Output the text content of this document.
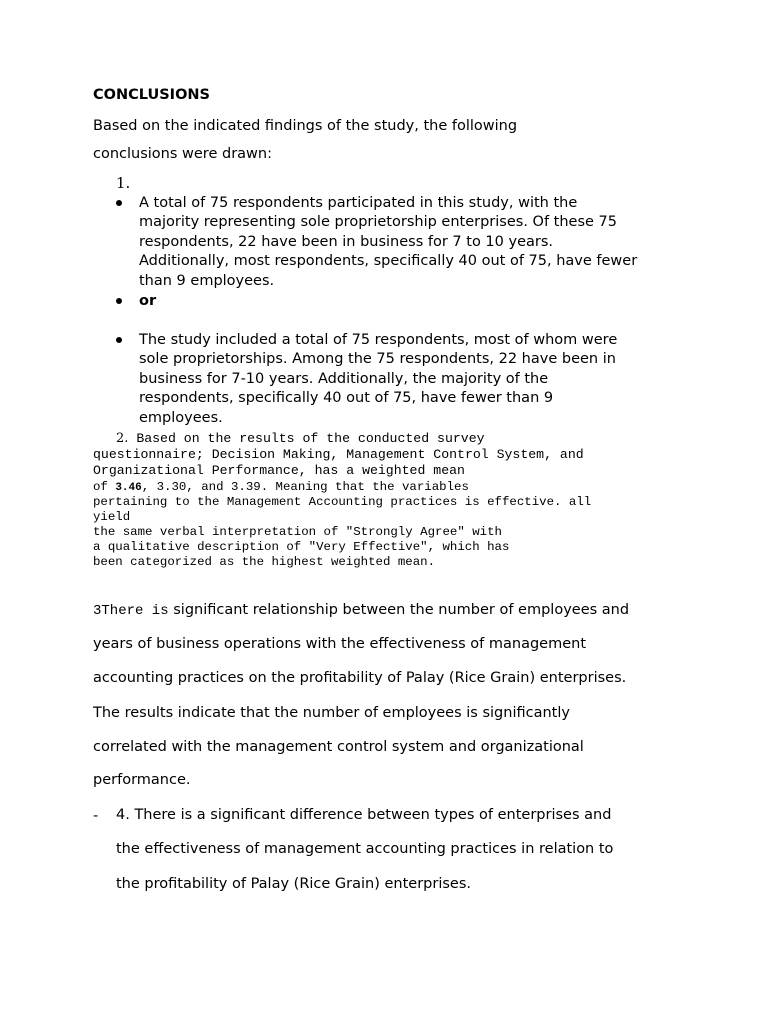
CONCLUSIONS
Based on the indicated findings of the study, the following
conclusions were drawn:
1.
A total of 75 respondents participated in this study, with the
majority representing sole proprietorship enterprises. Of these 75
respondents, 22 have been in business for 7 to 10 years.
Additionally, most respondents, specifically 40 out of 75, have fewer
than 9 employees.
or
The study included a total of 75 respondents, most of whom were
sole proprietorships. Among the 75 respondents, 22 have been in
business for 7-10 years. Additionally, the majority of the
respondents, specifically 40 out of 75, have fewer than 9
employees.
2. Based on the results of the conducted survey
questionnaire; Decision Making, Management Control System, and
Organizational Performance, has a weighted mean
of 3.46, 3.30, and 3.39. Meaning that the variables
pertaining to the Management Accounting practices is effective. all
yield
the same verbal interpretation of "Strongly Agree" with
a qualitative description of "Very Effective", which has
been categorized as the highest weighted mean.
3There is significant relationship between the number of employees and
years of business operations with the effectiveness of management
accounting practices on the profitability of Palay (Rice Grain) enterprises.
The results indicate that the number of employees is significantly
correlated with the management control system and organizational
performance.
- 4. There is a significant difference between types of enterprises and
the effectiveness of management accounting practices in relation to
the profitability of Palay (Rice Grain) enterprises.
